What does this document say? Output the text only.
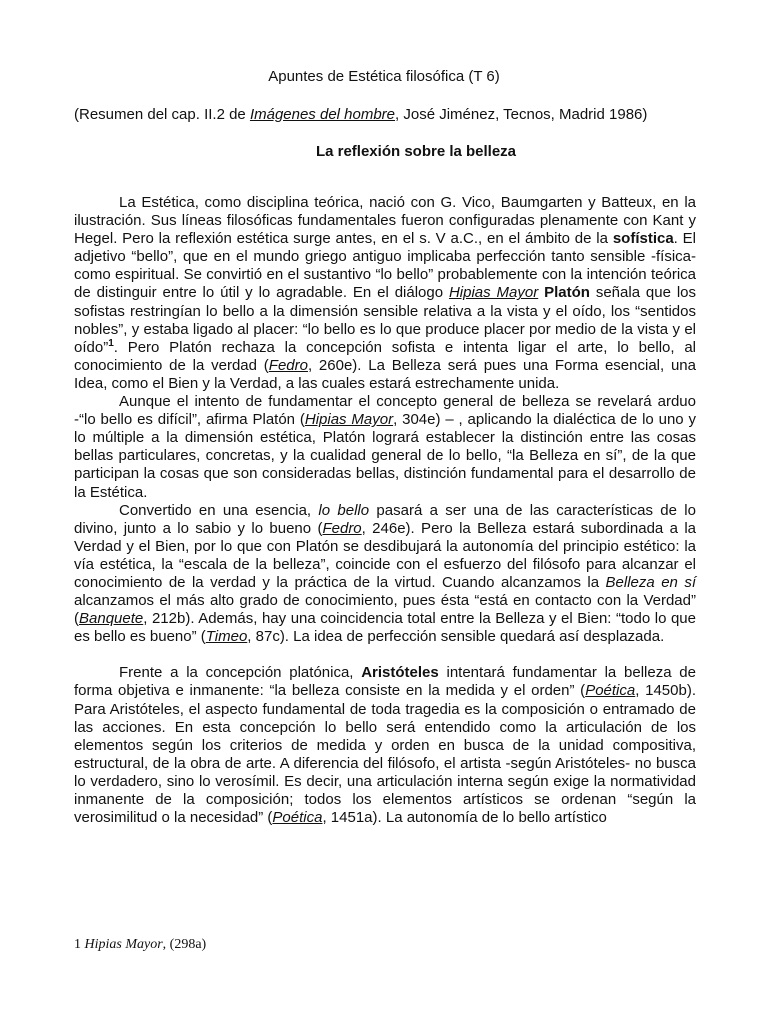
Apuntes de Estética filosófica (T 6)

(Resumen del cap. II.2 de Imágenes del hombre, José Jiménez, Tecnos, Madrid 1986)

La reflexión sobre la belleza

La Estética, como disciplina teórica, nació con G. Vico, Baumgarten y Batteux, en la ilustración. Sus líneas filosóficas fundamentales fueron configuradas plenamente con Kant y Hegel. Pero la reflexión estética surge antes, en el s. V a.C., en el ámbito de la sofística. El adjetivo “bello”, que en el mundo griego antiguo implicaba perfección tanto sensible -física- como espiritual. Se convirtió en el sustantivo “lo bello” probablemente con la intención teórica de distinguir entre lo útil y lo agradable. En el diálogo Hipias Mayor Platón señala que los sofistas restringían lo bello a la dimensión sensible relativa a la vista y el oído, los “sentidos nobles”, y estaba ligado al placer: “lo bello es lo que produce placer por medio de la vista y el oído”$^1$. Pero Platón rechaza la concepción sofista e intenta ligar el arte, lo bello, al conocimiento de la verdad (Fedro, 260e). La Belleza será pues una Forma esencial, una Idea, como el Bien y la Verdad, a las cuales estará estrechamente unida.

Aunque el intento de fundamentar el concepto general de belleza se revelará arduo -“lo bello es difícil”, afirma Platón (Hipias Mayor, 304e) – , aplicando la dialéctica de lo uno y lo múltiple a la dimensión estética, Platón logrará establecer la distinción entre las cosas bellas particulares, concretas, y la cualidad general de lo bello, “la Belleza en sí”, de la que participan la cosas que son consideradas bellas, distinción fundamental para el desarrollo de la Estética.

Convertido en una esencia, lo bello pasará a ser una de las características de lo divino, junto a lo sabio y lo bueno (Fedro, 246e). Pero la Belleza estará subordinada a la Verdad y el Bien, por lo que con Platón se desdibujará la autonomía del principio estético: la vía estética, la “escala de la belleza”, coincide con el esfuerzo del filósofo para alcanzar el conocimiento de la verdad y la práctica de la virtud. Cuando alcanzamos la Belleza en sí alcanzamos el más alto grado de conocimiento, pues ésta “está en contacto con la Verdad” (Banquete, 212b). Además, hay una coincidencia total entre la Belleza y el Bien: “todo lo que es bello es bueno” (Timeo, 87c). La idea de perfección sensible quedará así desplazada.

Frente a la concepción platónica, Aristóteles intentará fundamentar la belleza de forma objetiva e inmanente: “la belleza consiste en la medida y el orden” (Poética, 1450b). Para Aristóteles, el aspecto fundamental de toda tragedia es la composición o entramado de las acciones. En esta concepción lo bello será entendido como la articulación de los elementos según los criterios de medida y orden en busca de la unidad compositiva, estructural, de la obra de arte. A diferencia del filósofo, el artista -según Aristóteles- no busca lo verdadero, sino lo verosímil. Es decir, una articulación interna según exige la normatividad inmanente de la composición; todos los elementos artísticos se ordenan “según la verosimilitud o la necesidad” (Poética, 1451a). La autonomía de lo bello artístico

1 Hipias Mayor, (298a)
